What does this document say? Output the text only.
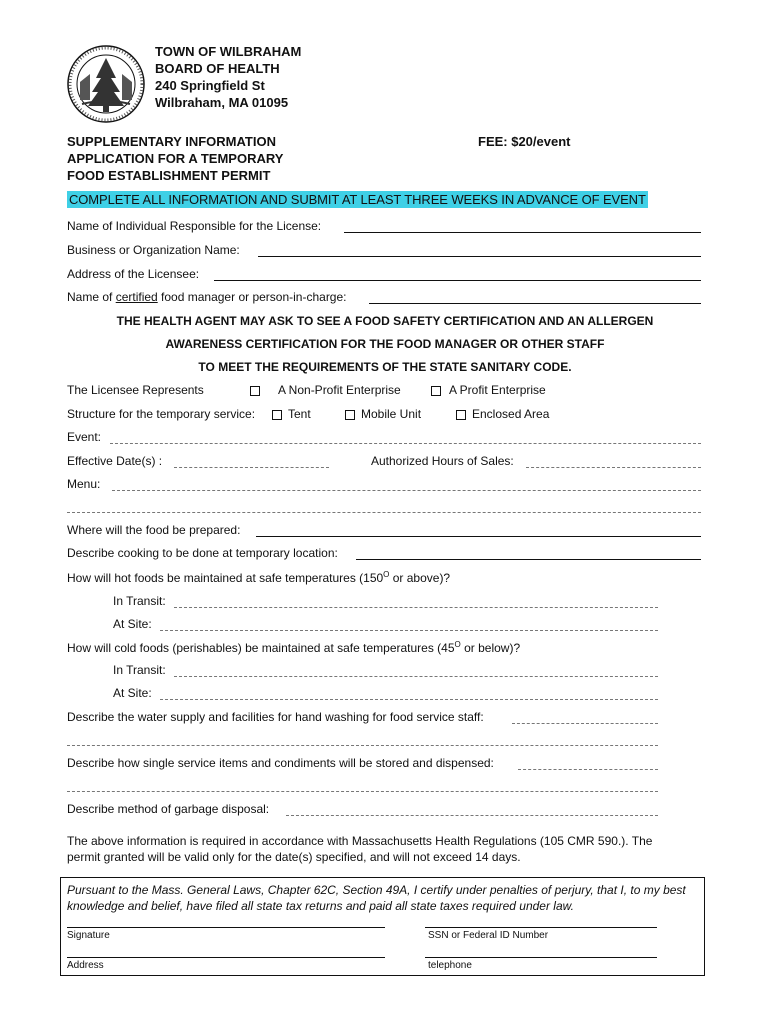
TOWN OF WILBRAHAM
BOARD OF HEALTH
240 Springfield St
Wilbraham, MA 01095
SUPPLEMENTARY INFORMATION
APPLICATION FOR A TEMPORARY
FOOD ESTABLISHMENT PERMIT
FEE: $20/event
COMPLETE ALL INFORMATION AND SUBMIT AT LEAST THREE WEEKS IN ADVANCE OF EVENT
Name of Individual Responsible for the License:
Business or Organization Name:
Address of the Licensee:
Name of certified food manager or person-in-charge:
THE HEALTH AGENT MAY ASK TO SEE A FOOD SAFETY CERTIFICATION AND AN ALLERGEN
AWARENESS CERTIFICATION FOR THE FOOD MANAGER OR OTHER STAFF
TO MEET THE REQUIREMENTS OF THE STATE SANITARY CODE.
The Licensee Represents	A Non-Profit Enterprise	A Profit Enterprise
Structure for the temporary service:	Tent	Mobile Unit	Enclosed Area
Event:
Effective Date(s) :	Authorized Hours of Sales:
Menu:
Where will the food be prepared:
Describe cooking to be done at temporary location:
How will hot foods be maintained at safe temperatures ($150^O$ or above)?
In Transit:
At Site:
How will cold foods (perishables) be maintained at safe temperatures ($45^O$ or below)?
In Transit:
At Site:
Describe the water supply and facilities for hand washing for food service staff:
Describe how single service items and condiments will be stored and dispensed:
Describe method of garbage disposal:
The above information is required in accordance with Massachusetts Health Regulations (105 CMR 590.). The
permit granted will be valid only for the date(s) specified, and will not exceed 14 days.
Pursuant to the Mass. General Laws, Chapter 62C, Section 49A, I certify under penalties of perjury, that I, to my best knowledge and belief, have filed all state tax returns and paid all state taxes required under law.
Signature	SSN or Federal ID Number
Address	telephone
